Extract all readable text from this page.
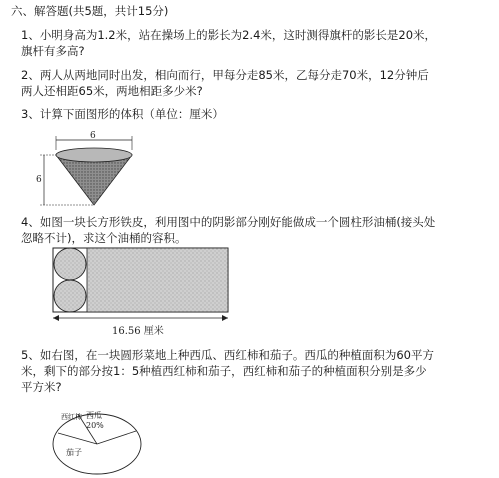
六、解答题(共5题，共计15分)
1、小明身高为1.2米，站在操场上的影长为2.4米，这时测得旗杆的影长是20米，
旗杆有多高?
2、两人从两地同时出发，相向而行，甲每分走85米，乙每分走70米，12分钟后
两人还相距65米，两地相距多少米?
3、计算下面图形的体积（单位：厘米）
4、如图一块长方形铁皮，利用图中的阴影部分刚好能做成一个圆柱形油桶(接头处
忽略不计)，求这个油桶的容积。
5、如右图，在一块圆形菜地上种西瓜、西红柿和茄子。西瓜的种植面积为60平方
米，剩下的部分按1：5种植西红柿和茄子，西红柿和茄子的种植面积分别是多少
平方米?
6
6
16.56 厘米
西红柿 西瓜
20%
茄子
